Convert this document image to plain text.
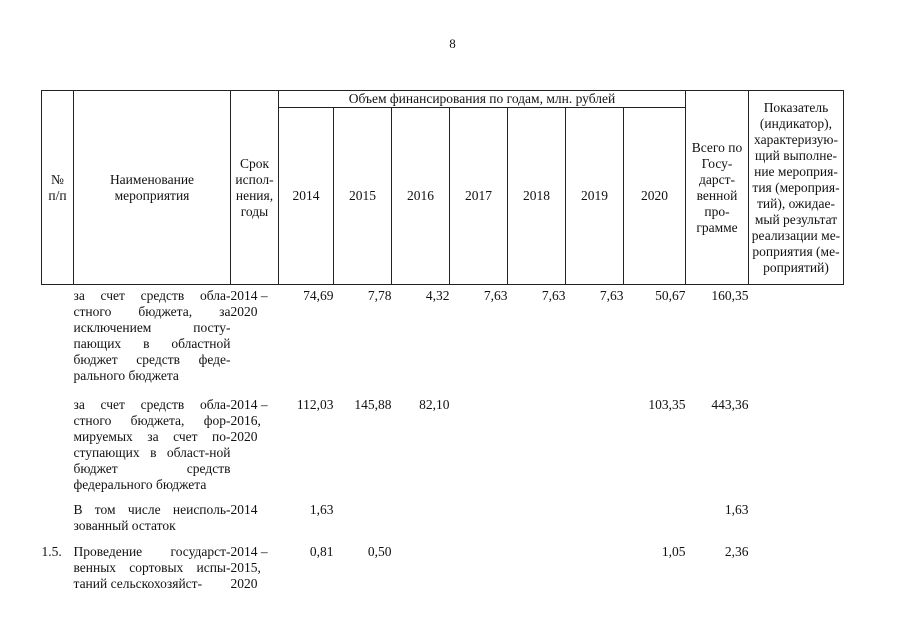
8
№ п/п	Наименование мероприятия	Срок испол-нения, годы	Объем финансирования по годам, млн. рублей							Всего по Госу-дарст-венной про-грамме	Показатель (индикатор), характеризую-щий выполне-ние мероприя-тия (мероприя-тий), ожидае-мый результат реализации ме-роприятия (ме-роприятий)
			2014	2015	2016	2017	2018	2019	2020		
	за счет средств обла-стного бюджета, за исключением посту-пающих в областной бюджет средств феде-рального бюджета	2014 – 2020	74,69	7,78	4,32	7,63	7,63	7,63	50,67	160,35	
	за счет средств обла-стного бюджета, фор-мируемых за счет по-ступающих в област-ной бюджет средств федерального бюджета	2014 – 2016, 2020	112,03	145,88	82,10				103,35	443,36	
	В том числе неисполь-зованный остаток	2014	1,63							1,63	
1.5.	Проведение государст-венных сортовых испы-таний сельскохозяйст-	2014 – 2015, 2020	0,81	0,50					1,05	2,36	
